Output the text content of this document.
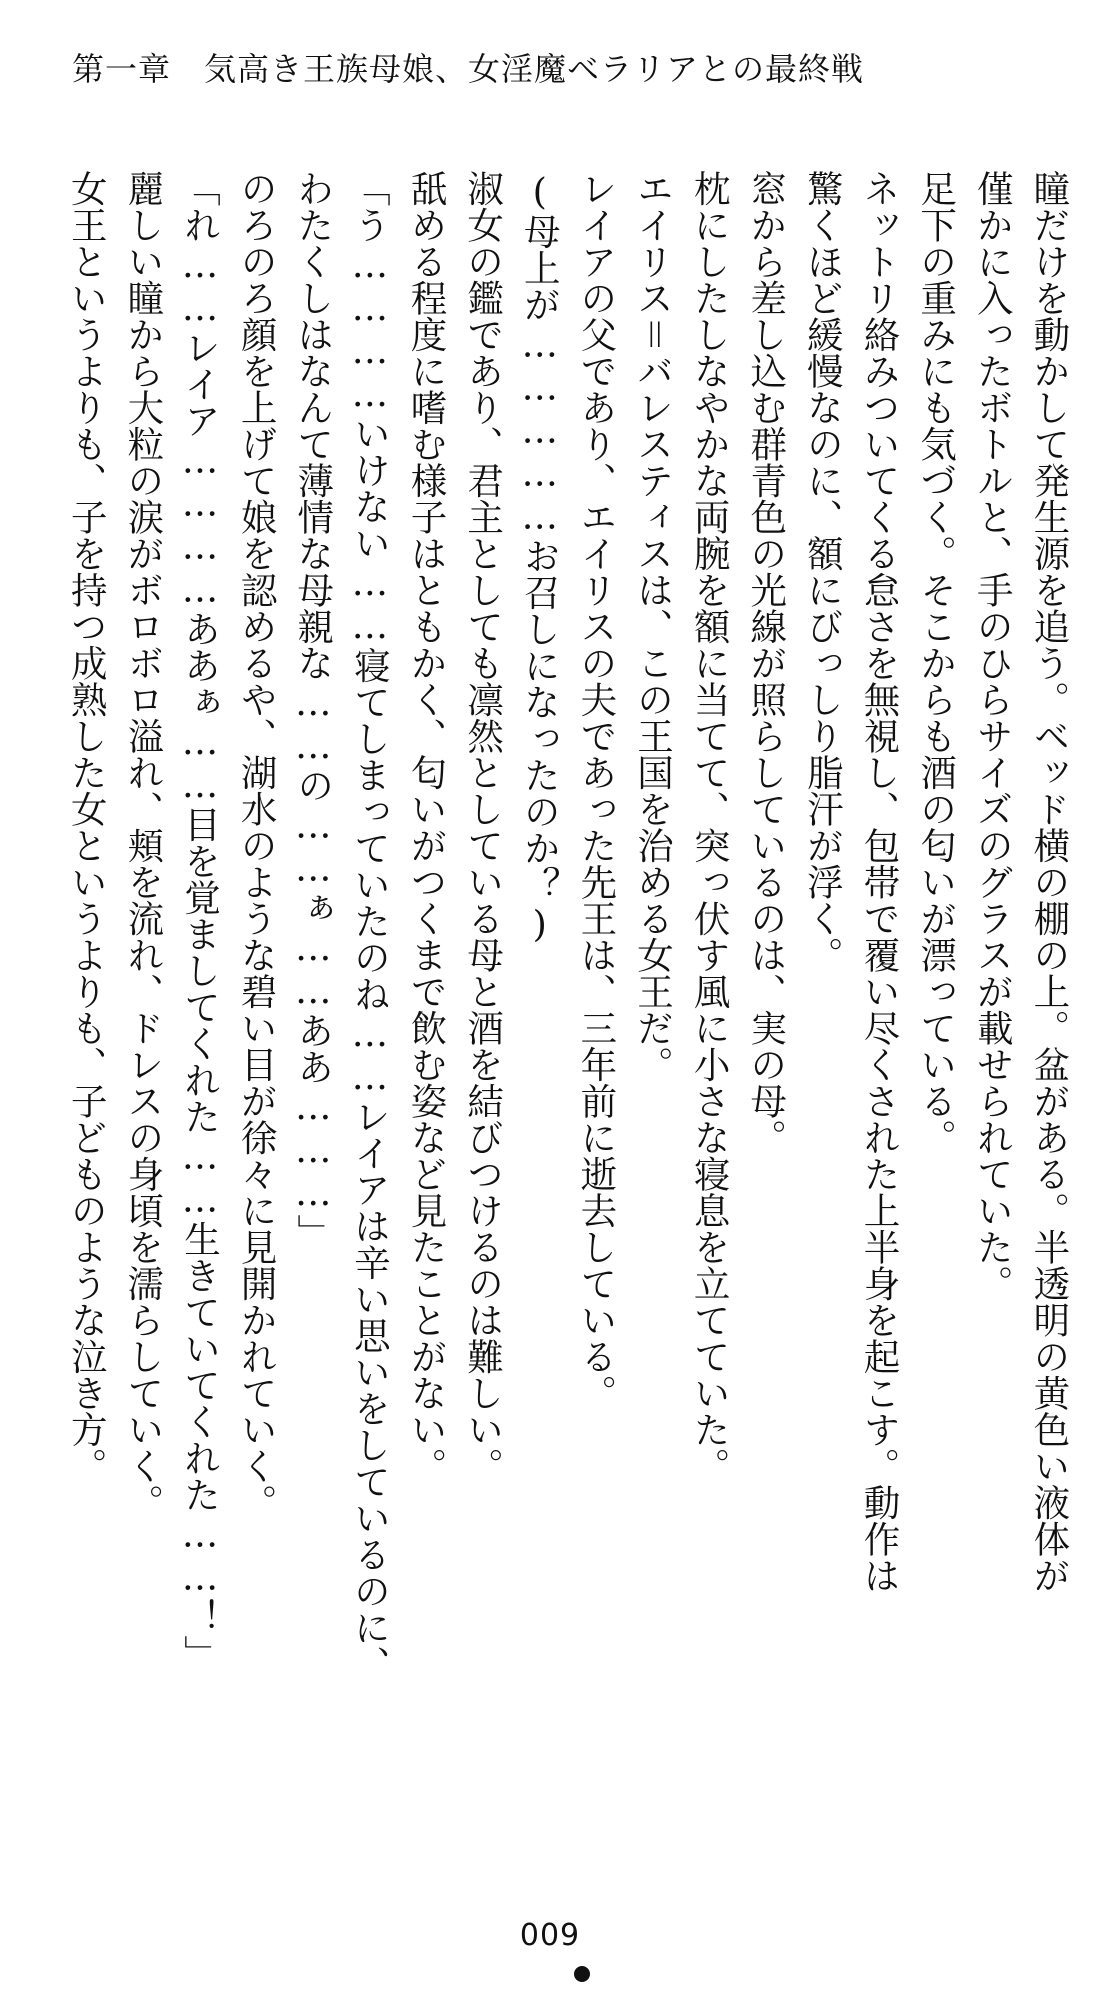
第一章　気高き王族母娘、女淫魔ベラリアとの最終戦
瞳だけを動かして発生源を追う。ベッド横の棚の上。盆がある。半透明の黄色い液体が
僅かに入ったボトルと、手のひらサイズのグラスが載せられていた。
足下の重みにも気づく。そこからも酒の匂いが漂っている。
ネットリ絡みついてくる怠さを無視し、包帯で覆い尽くされた上半身を起こす。動作は
驚くほど緩慢なのに、額にびっしり脂汗が浮く。
窓から差し込む群青色の光線が照らしているのは、実の母。
枕にしたしなやかな両腕を額に当てて、突っ伏す風に小さな寝息を立てていた。
エイリス＝バレスティスは、この王国を治める女王だ。
レイアの父であり、エイリスの夫であった先王は、三年前に逝去している。
(母上が……………お召しになったのか？)
淑女の鑑であり、君主としても凛然としている母と酒を結びつけるのは難しい。
舐める程度に嗜む様子はともかく、匂いがつくまで飲む姿など見たことがない。
「う…………いけない……寝てしまっていたのね……レイアは辛い思いをしているのに、
わたくしはなんて薄情な母親な……の……ぁ……ああ………」
のろのろ顔を上げて娘を認めるや、湖水のような碧い目が徐々に見開かれていく。
「れ……レイア…………ああぁ……目を覚ましてくれた……生きていてくれた……！」
麗しい瞳から大粒の涙がボロボロ溢れ、頬を流れ、ドレスの身頃を濡らしていく。
女王というよりも、子を持つ成熟した女というよりも、子どものような泣き方。
009
